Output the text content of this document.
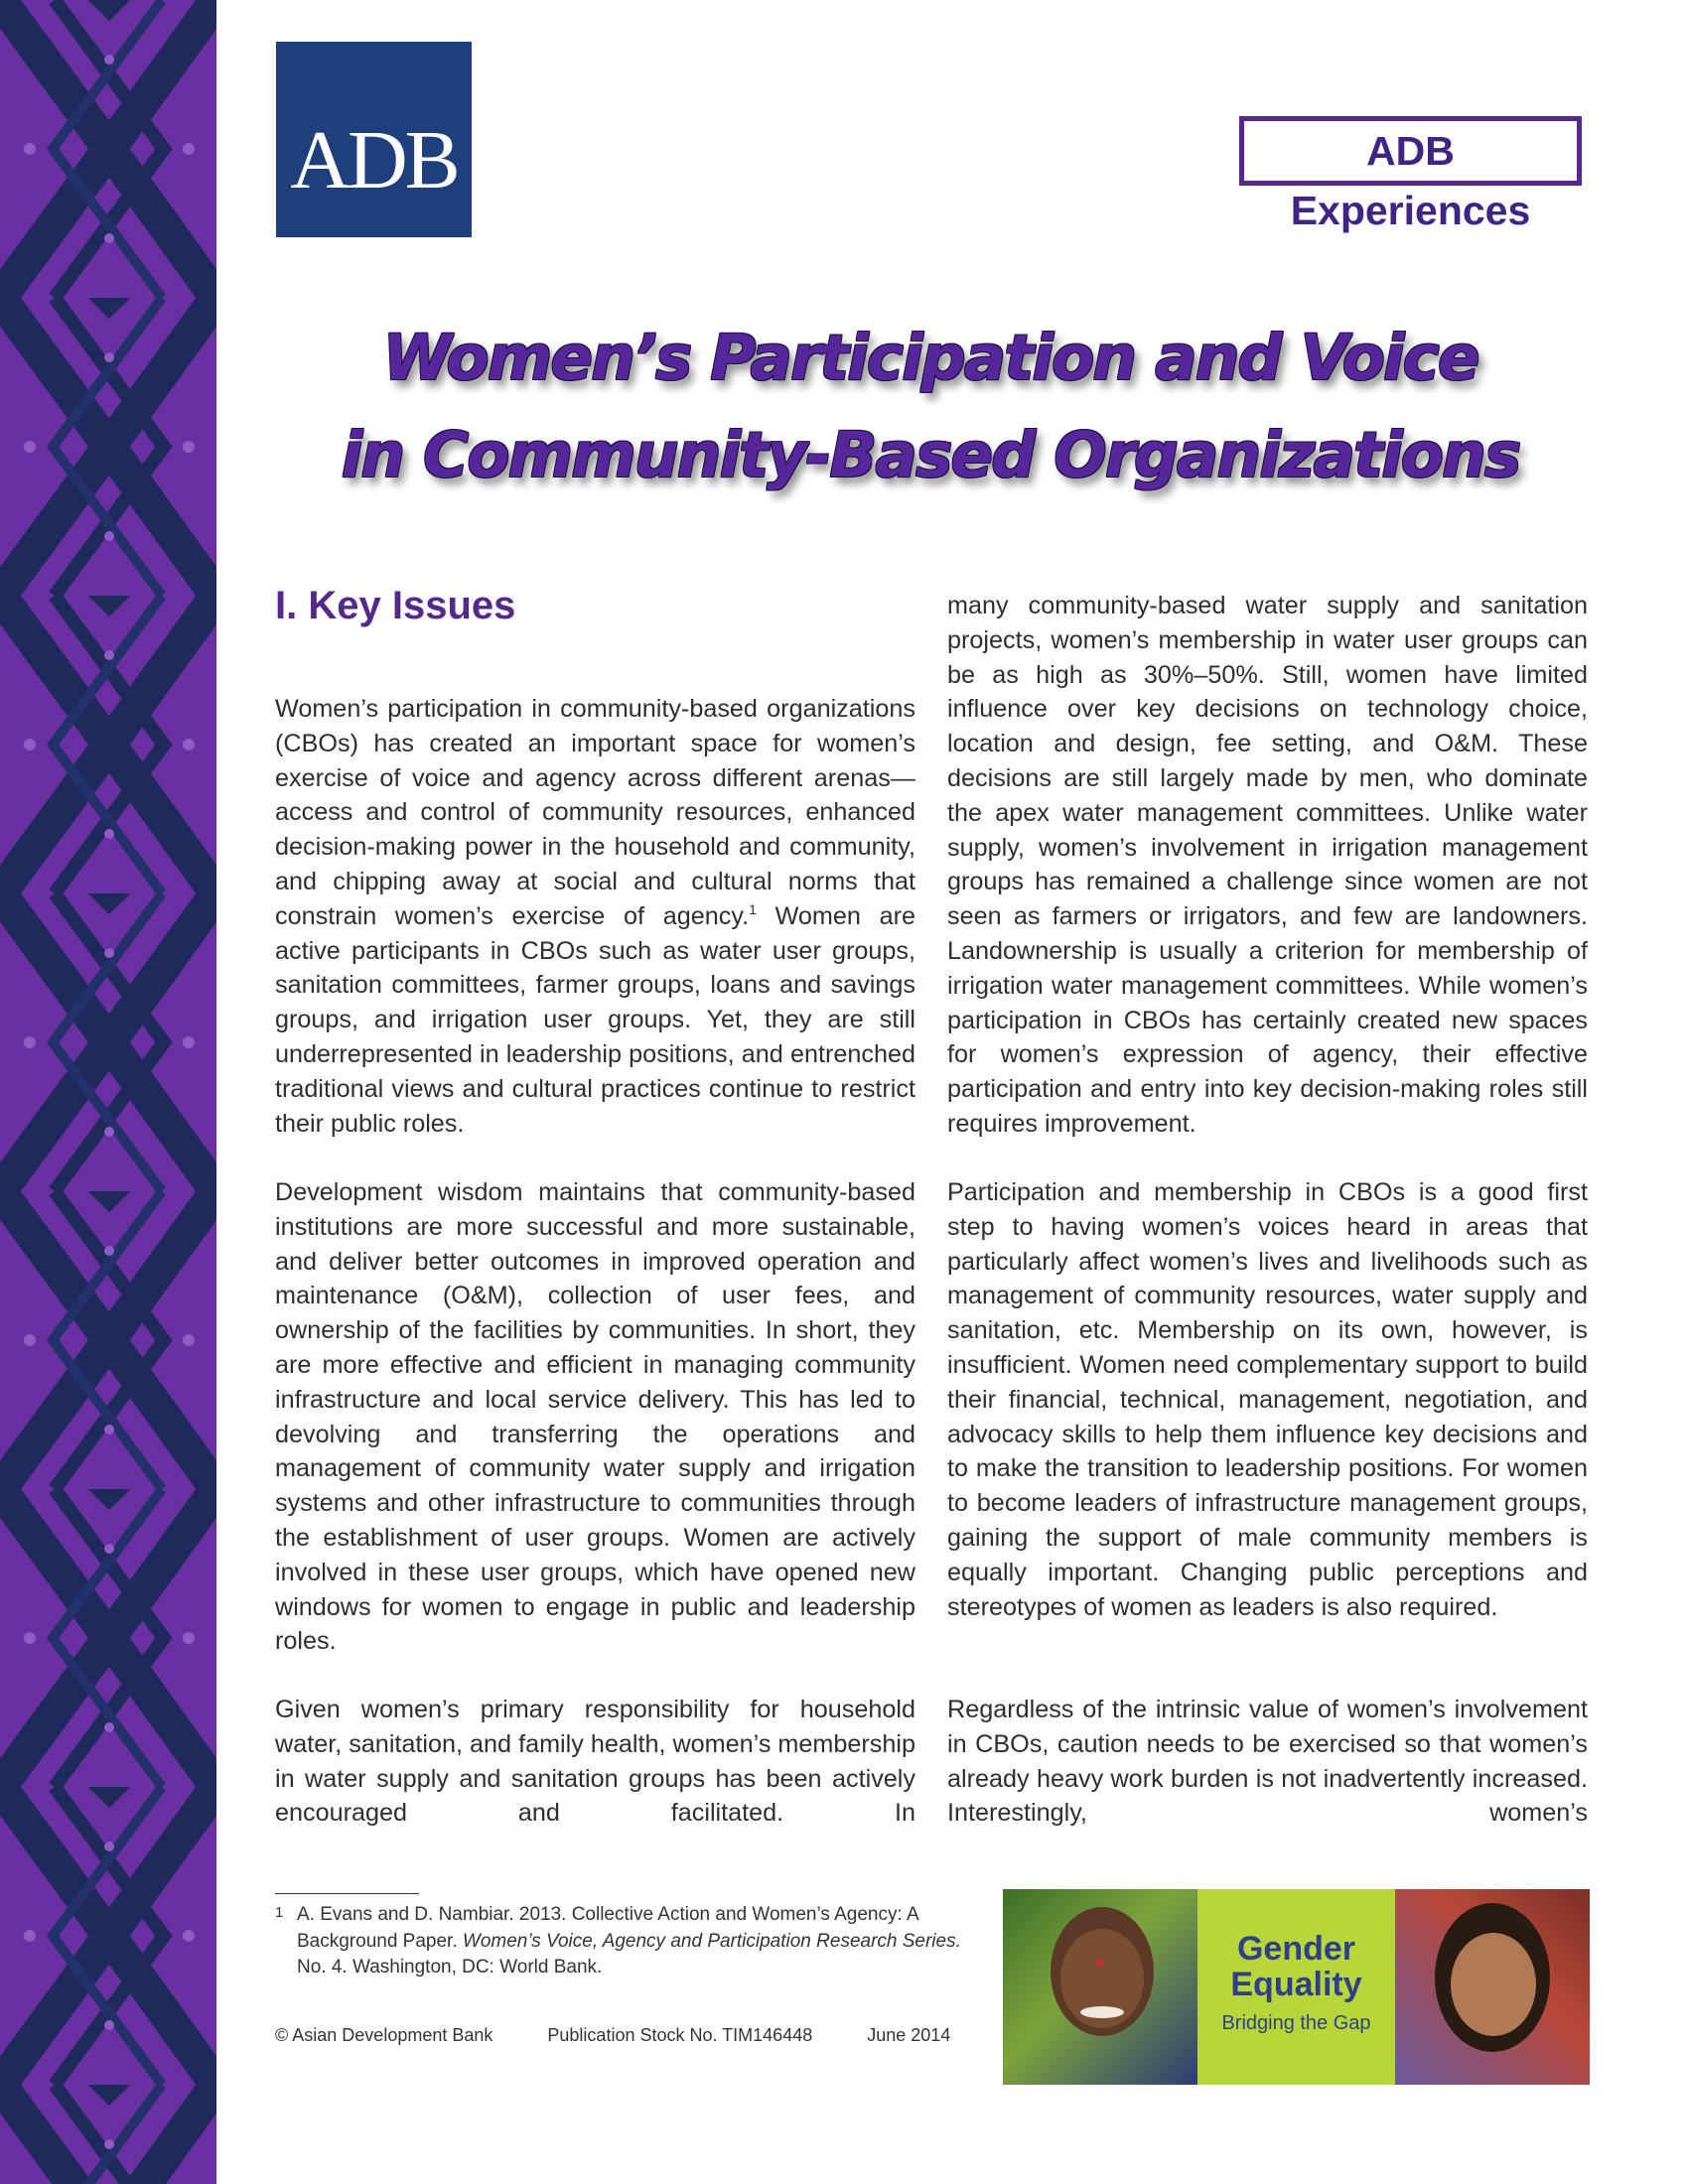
ADB	ADB Experiences
Women’s Participation and Voice
in Community-Based Organizations
I. Key Issues

Women’s participation in community-based organizations (CBOs) has created an important space for women’s exercise of voice and agency across different arenas—access and control of community resources, enhanced decision-making power in the household and community, and chipping away at social and cultural norms that constrain women’s exercise of agency.$^1$ Women are active participants in CBOs such as water user groups, sanitation committees, farmer groups, loans and savings groups, and irrigation user groups. Yet, they are still underrepresented in leadership positions, and entrenched traditional views and cultural practices continue to restrict their public roles.

Development wisdom maintains that community-based institutions are more successful and more sustainable, and deliver better outcomes in improved operation and maintenance (O&M), collection of user fees, and ownership of the facilities by communities. In short, they are more effective and efficient in managing community infrastructure and local service delivery. This has led to devolving and transferring the operations and management of community water supply and irrigation systems and other infrastructure to communities through the establishment of user groups. Women are actively involved in these user groups, which have opened new windows for women to engage in public and leadership roles.

Given women’s primary responsibility for household water, sanitation, and family health, women’s membership in water supply and sanitation groups has been actively encouraged and facilitated. In

many community-based water supply and sanitation projects, women’s membership in water user groups can be as high as 30%–50%. Still, women have limited influence over key decisions on technology choice, location and design, fee setting, and O&M. These decisions are still largely made by men, who dominate the apex water management committees. Unlike water supply, women’s involvement in irrigation management groups has remained a challenge since women are not seen as farmers or irrigators, and few are landowners. Landownership is usually a criterion for membership of irrigation water management committees. While women’s participation in CBOs has certainly created new spaces for women’s expression of agency, their effective participation and entry into key decision-making roles still requires improvement.

Participation and membership in CBOs is a good first step to having women’s voices heard in areas that particularly affect women’s lives and livelihoods such as management of community resources, water supply and sanitation, etc. Membership on its own, however, is insufficient. Women need complementary support to build their financial, technical, management, negotiation, and advocacy skills to help them influence key decisions and to make the transition to leadership positions. For women to become leaders of infrastructure management groups, gaining the support of male community members is equally important. Changing public perceptions and stereotypes of women as leaders is also required.

Regardless of the intrinsic value of women’s involvement in CBOs, caution needs to be exercised so that women’s already heavy work burden is not inadvertently increased. Interestingly, women’s

1 A. Evans and D. Nambiar. 2013. Collective Action and Women’s Agency: A Background Paper. Women’s Voice, Agency and Participation Research Series. No. 4. Washington, DC: World Bank.
© Asian Development Bank	Publication Stock No. TIM146448	June 2014
Gender
Equality
Bridging the Gap
